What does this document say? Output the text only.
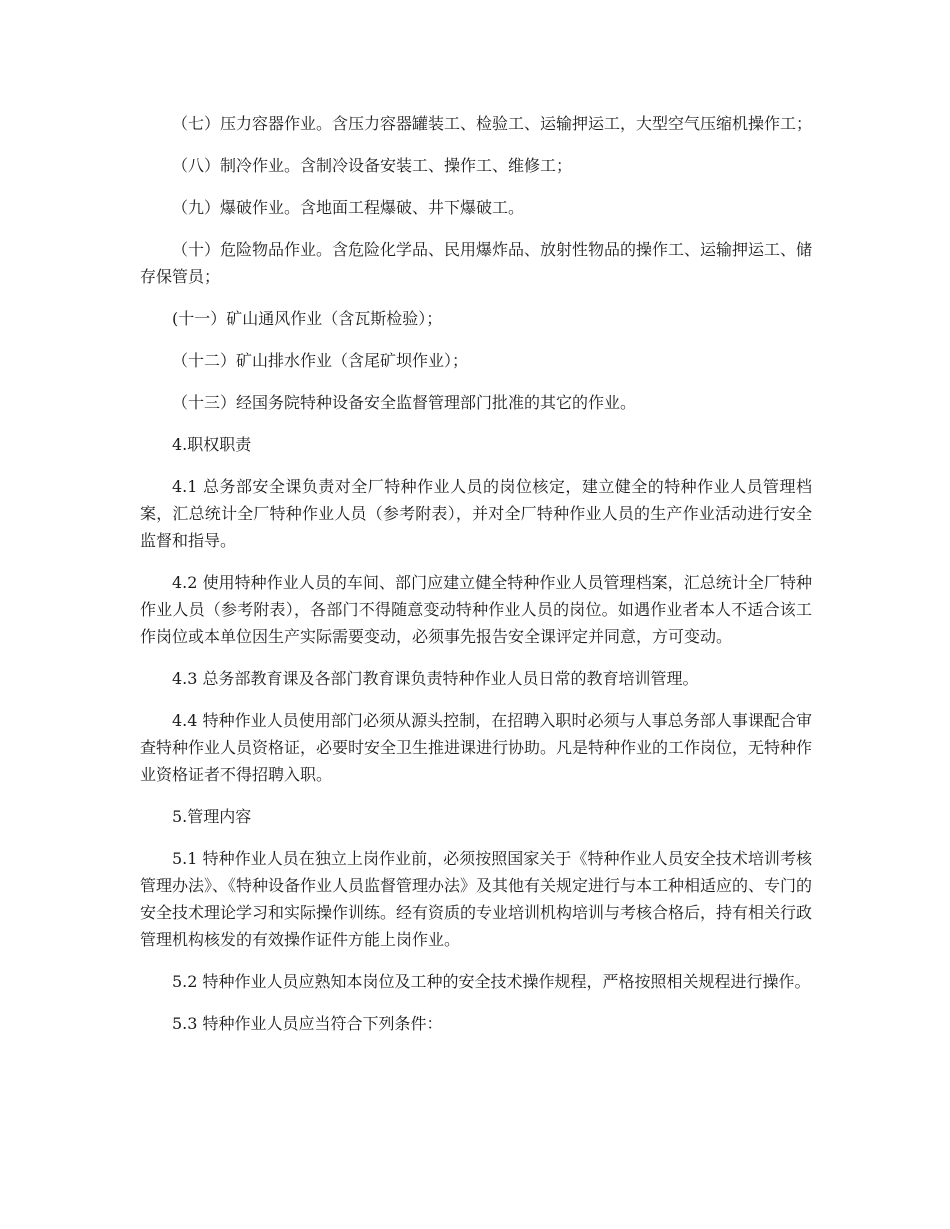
（七）压力容器作业。含压力容器罐装工、检验工、运输押运工，大型空气压缩机操作工；

（八）制冷作业。含制冷设备安装工、操作工、维修工；

（九）爆破作业。含地面工程爆破、井下爆破工。

（十）危险物品作业。含危险化学品、民用爆炸品、放射性物品的操作工、运输押运工、储存保管员；

(十一）矿山通风作业（含瓦斯检验）；

（十二）矿山排水作业（含尾矿坝作业）；

（十三）经国务院特种设备安全监督管理部门批准的其它的作业。

4.职权职责

4.1 总务部安全课负责对全厂特种作业人员的岗位核定，建立健全的特种作业人员管理档案，汇总统计全厂特种作业人员（参考附表），并对全厂特种作业人员的生产作业活动进行安全监督和指导。

4.2 使用特种作业人员的车间、部门应建立健全特种作业人员管理档案，汇总统计全厂特种作业人员（参考附表），各部门不得随意变动特种作业人员的岗位。如遇作业者本人不适合该工作岗位或本单位因生产实际需要变动，必须事先报告安全课评定并同意，方可变动。

4.3 总务部教育课及各部门教育课负责特种作业人员日常的教育培训管理。

4.4 特种作业人员使用部门必须从源头控制，在招聘入职时必须与人事总务部人事课配合审查特种作业人员资格证，必要时安全卫生推进课进行协助。凡是特种作业的工作岗位，无特种作业资格证者不得招聘入职。

5.管理内容

5.1 特种作业人员在独立上岗作业前，必须按照国家关于《特种作业人员安全技术培训考核管理办法》、《特种设备作业人员监督管理办法》及其他有关规定进行与本工种相适应的、专门的安全技术理论学习和实际操作训练。经有资质的专业培训机构培训与考核合格后，持有相关行政管理机构核发的有效操作证件方能上岗作业。

5.2 特种作业人员应熟知本岗位及工种的安全技术操作规程，严格按照相关规程进行操作。

5.3 特种作业人员应当符合下列条件：
